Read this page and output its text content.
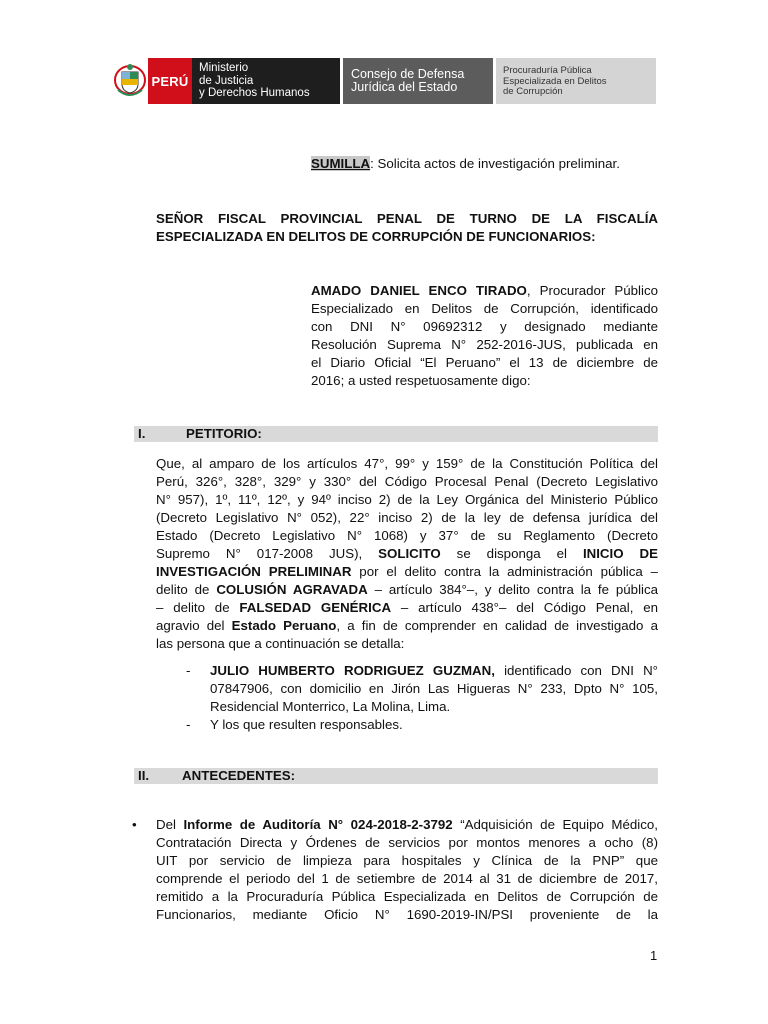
PERÚ
Ministerio
de Justicia
y Derechos Humanos
Consejo de Defensa
Jurídica del Estado
Procuraduría Pública
Especializada en Delitos
de Corrupción
SUMILLA: Solicita actos de investigación preliminar.
SEÑOR FISCAL PROVINCIAL PENAL DE TURNO DE LA FISCALÍA
ESPECIALIZADA EN DELITOS DE CORRUPCIÓN DE FUNCIONARIOS:
AMADO DANIEL ENCO TIRADO, Procurador Público
Especializado en Delitos de Corrupción, identificado
con DNI N° 09692312 y designado mediante
Resolución Suprema N° 252-2016-JUS, publicada en
el Diario Oficial “El Peruano” el 13 de diciembre de
2016; a usted respetuosamente digo:
I.	PETITORIO:
Que, al amparo de los artículos 47°, 99° y 159° de la Constitución Política del
Perú, 326°, 328°, 329° y 330° del Código Procesal Penal (Decreto Legislativo
N° 957), 1º, 11º, 12º, y 94º inciso 2) de la Ley Orgánica del Ministerio Público
(Decreto Legislativo N° 052), 22° inciso 2) de la ley de defensa jurídica del
Estado (Decreto Legislativo N° 1068) y 37° de su Reglamento (Decreto
Supremo N° 017-2008 JUS), SOLICITO se disponga el INICIO DE
INVESTIGACIÓN PRELIMINAR por el delito contra la administración pública –
delito de COLUSIÓN AGRAVADA – artículo 384°–, y delito contra la fe pública
– delito de FALSEDAD GENÉRICA – artículo 438°– del Código Penal, en
agravio del Estado Peruano, a fin de comprender en calidad de investigado a
las persona que a continuación se detalla:
- JULIO HUMBERTO RODRIGUEZ GUZMAN, identificado con DNI N°
07847906, con domicilio en Jirón Las Higueras N° 233, Dpto N° 105,
Residencial Monterrico, La Molina, Lima.
- Y los que resulten responsables.
II. ANTECEDENTES:
• Del Informe de Auditoría N° 024-2018-2-3792 “Adquisición de Equipo Médico,
Contratación Directa y Órdenes de servicios por montos menores a ocho (8)
UIT por servicio de limpieza para hospitales y Clínica de la PNP” que
comprende el periodo del 1 de setiembre de 2014 al 31 de diciembre de 2017,
remitido a la Procuraduría Pública Especializada en Delitos de Corrupción de
Funcionarios, mediante Oficio N° 1690-2019-IN/PSI proveniente de la
1
